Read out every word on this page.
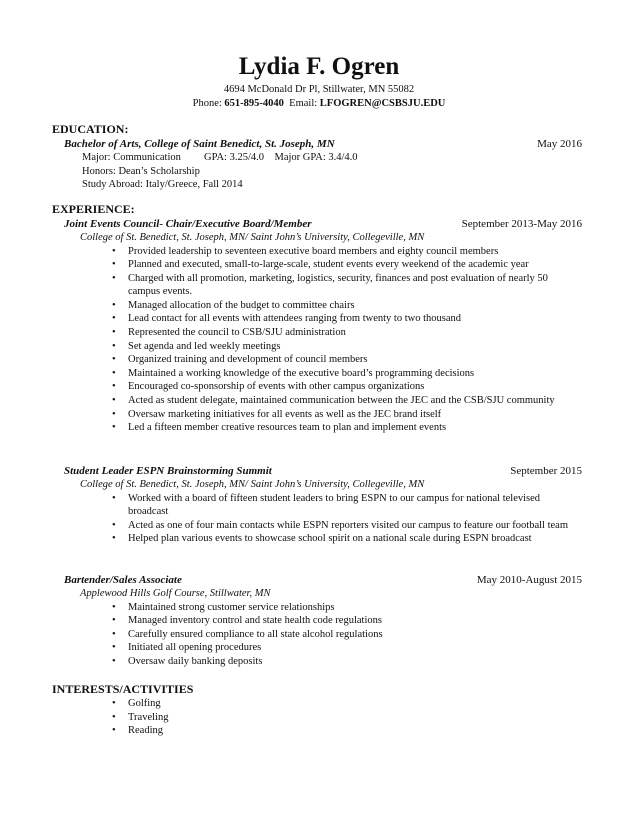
Lydia F. Ogren
4694 McDonald Dr Pl, Stillwater, MN 55082
Phone: 651-895-4040 Email: LFOGREN@CSBSJU.EDU
EDUCATION:
Bachelor of Arts, College of Saint Benedict, St. Joseph, MN	May 2016
Major: Communication	GPA: 3.25/4.0    Major GPA: 3.4/4.0
Honors: Dean’s Scholarship
Study Abroad: Italy/Greece, Fall 2014
EXPERIENCE:
Joint Events Council- Chair/Executive Board/Member	September 2013-May 2016
College of St. Benedict, St. Joseph, MN/ Saint John’s University, Collegeville, MN
• Provided leadership to seventeen executive board members and eighty council members
• Planned and executed, small-to-large-scale, student events every weekend of the academic year
• Charged with all promotion, marketing, logistics, security, finances and post evaluation of nearly 50 campus events.
• Managed allocation of the budget to committee chairs
• Lead contact for all events with attendees ranging from twenty to two thousand
• Represented the council to CSB/SJU administration
• Set agenda and led weekly meetings
• Organized training and development of council members
• Maintained a working knowledge of the executive board’s programming decisions
• Encouraged co-sponsorship of events with other campus organizations
• Acted as student delegate, maintained communication between the JEC and the CSB/SJU community
• Oversaw marketing initiatives for all events as well as the JEC brand itself
• Led a fifteen member creative resources team to plan and implement events
Student Leader ESPN Brainstorming Summit	September 2015
College of St. Benedict, St. Joseph, MN/ Saint John’s University, Collegeville, MN
• Worked with a board of fifteen student leaders to bring ESPN to our campus for national televised broadcast
• Acted as one of four main contacts while ESPN reporters visited our campus to feature our football team
• Helped plan various events to showcase school spirit on a national scale during ESPN broadcast
Bartender/Sales Associate	May 2010-August 2015
Applewood Hills Golf Course, Stillwater, MN
• Maintained strong customer service relationships
• Managed inventory control and state health code regulations
• Carefully ensured compliance to all state alcohol regulations
• Initiated all opening procedures
• Oversaw daily banking deposits
INTERESTS/ACTIVITIES
• Golfing
• Traveling
• Reading
